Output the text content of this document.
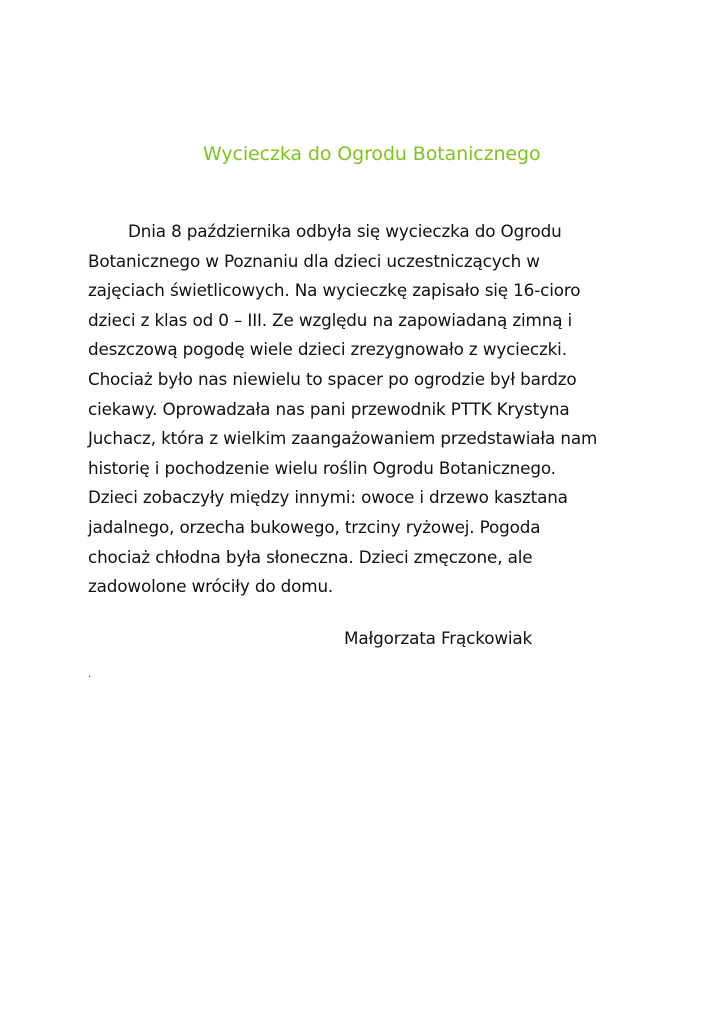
Wycieczka do Ogrodu Botanicznego
Dnia 8 października odbyła się wycieczka do Ogrodu
Botanicznego w Poznaniu dla dzieci uczestniczących w
zajęciach świetlicowych. Na wycieczkę zapisało się 16-cioro
dzieci z klas od 0 – III. Ze względu na zapowiadaną zimną i
deszczową pogodę wiele dzieci zrezygnowało z wycieczki.
Chociaż było nas niewielu to spacer po ogrodzie był bardzo
ciekawy. Oprowadzała nas pani przewodnik PTTK Krystyna
Juchacz, która z wielkim zaangażowaniem przedstawiała nam
historię i pochodzenie wielu roślin Ogrodu Botanicznego.
Dzieci zobaczyły między innymi: owoce i drzewo kasztana
jadalnego, orzecha bukowego, trzciny ryżowej. Pogoda
chociaż chłodna była słoneczna. Dzieci zmęczone, ale
zadowolone wróciły do domu.
Małgorzata Frąckowiak
.
